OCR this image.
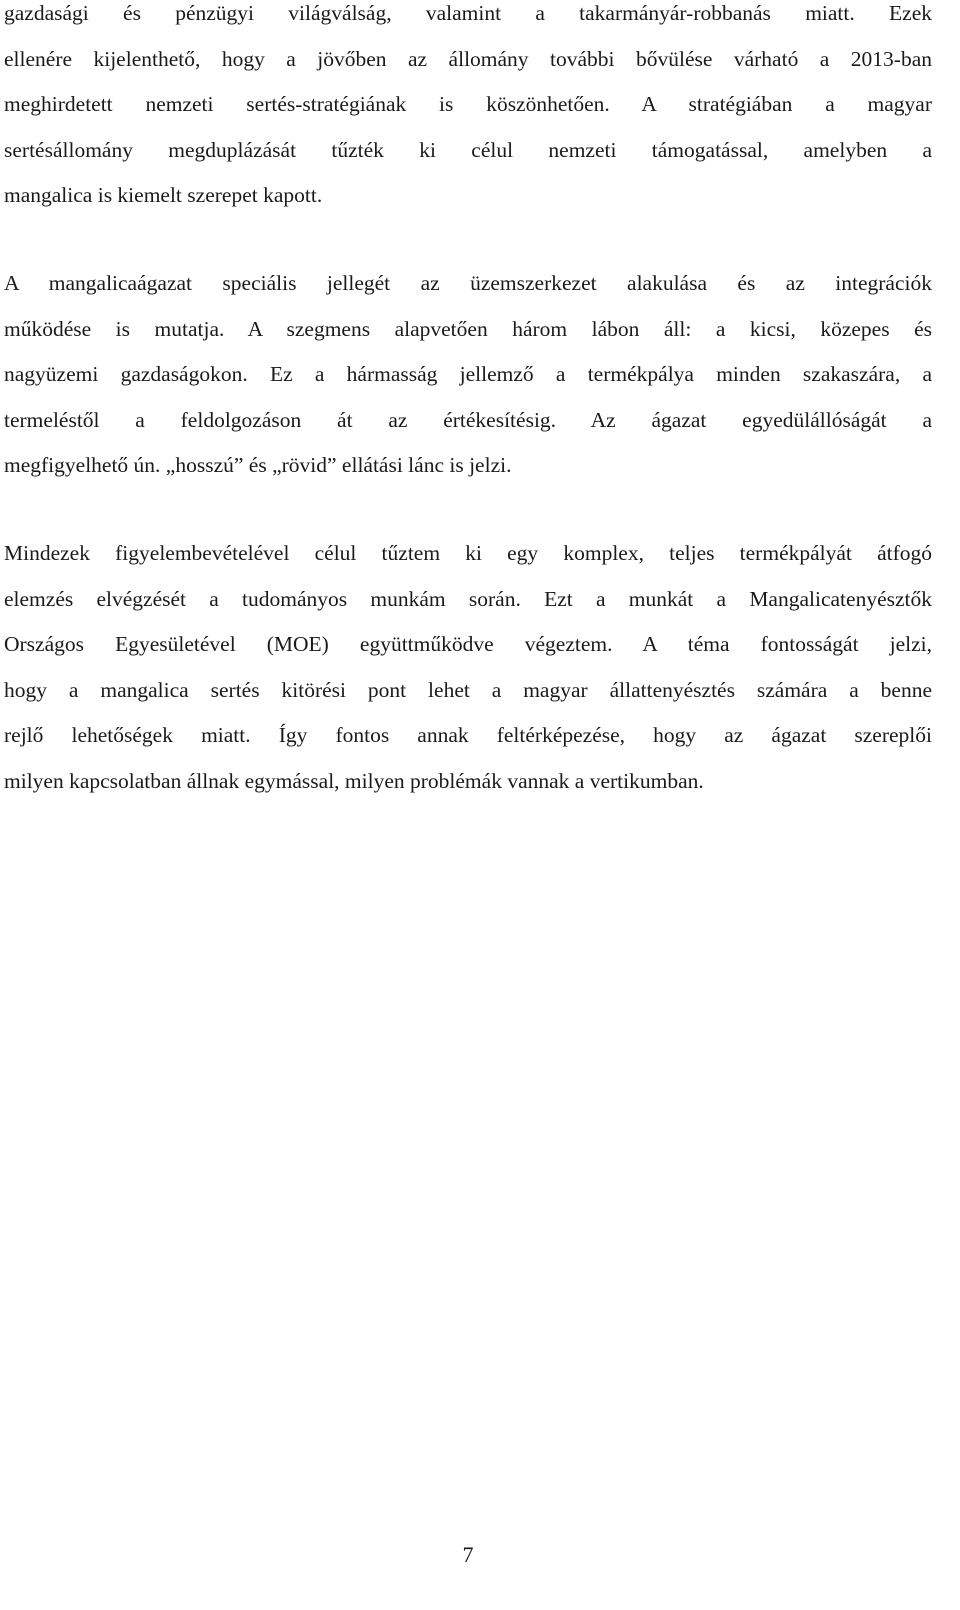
gazdasági és pénzügyi világválság, valamint a takarmányár-robbanás miatt. Ezek
ellenére kijelenthető, hogy a jövőben az állomány további bővülése várható a 2013-ban
meghirdetett nemzeti sertés-stratégiának is köszönhetően. A stratégiában a magyar
sertésállomány megduplázását tűzték ki célul nemzeti támogatással, amelyben a
mangalica is kiemelt szerepet kapott.
A mangalicaágazat speciális jellegét az üzemszerkezet alakulása és az integrációk
működése is mutatja. A szegmens alapvetően három lábon áll: a kicsi, közepes és
nagyüzemi gazdaságokon. Ez a hármasság jellemző a termékpálya minden szakaszára, a
termeléstől a feldolgozáson át az értékesítésig. Az ágazat egyedülállóságát a
megfigyelhető ún. „hosszú” és „rövid” ellátási lánc is jelzi.
Mindezek figyelembevételével célul tűztem ki egy komplex, teljes termékpályát átfogó
elemzés elvégzését a tudományos munkám során. Ezt a munkát a Mangalicatenyésztők
Országos Egyesületével (MOE) együttműködve végeztem. A téma fontosságát jelzi,
hogy a mangalica sertés kitörési pont lehet a magyar állattenyésztés számára a benne
rejlő lehetőségek miatt. Így fontos annak feltérképezése, hogy az ágazat szereplői
milyen kapcsolatban állnak egymással, milyen problémák vannak a vertikumban.
7
